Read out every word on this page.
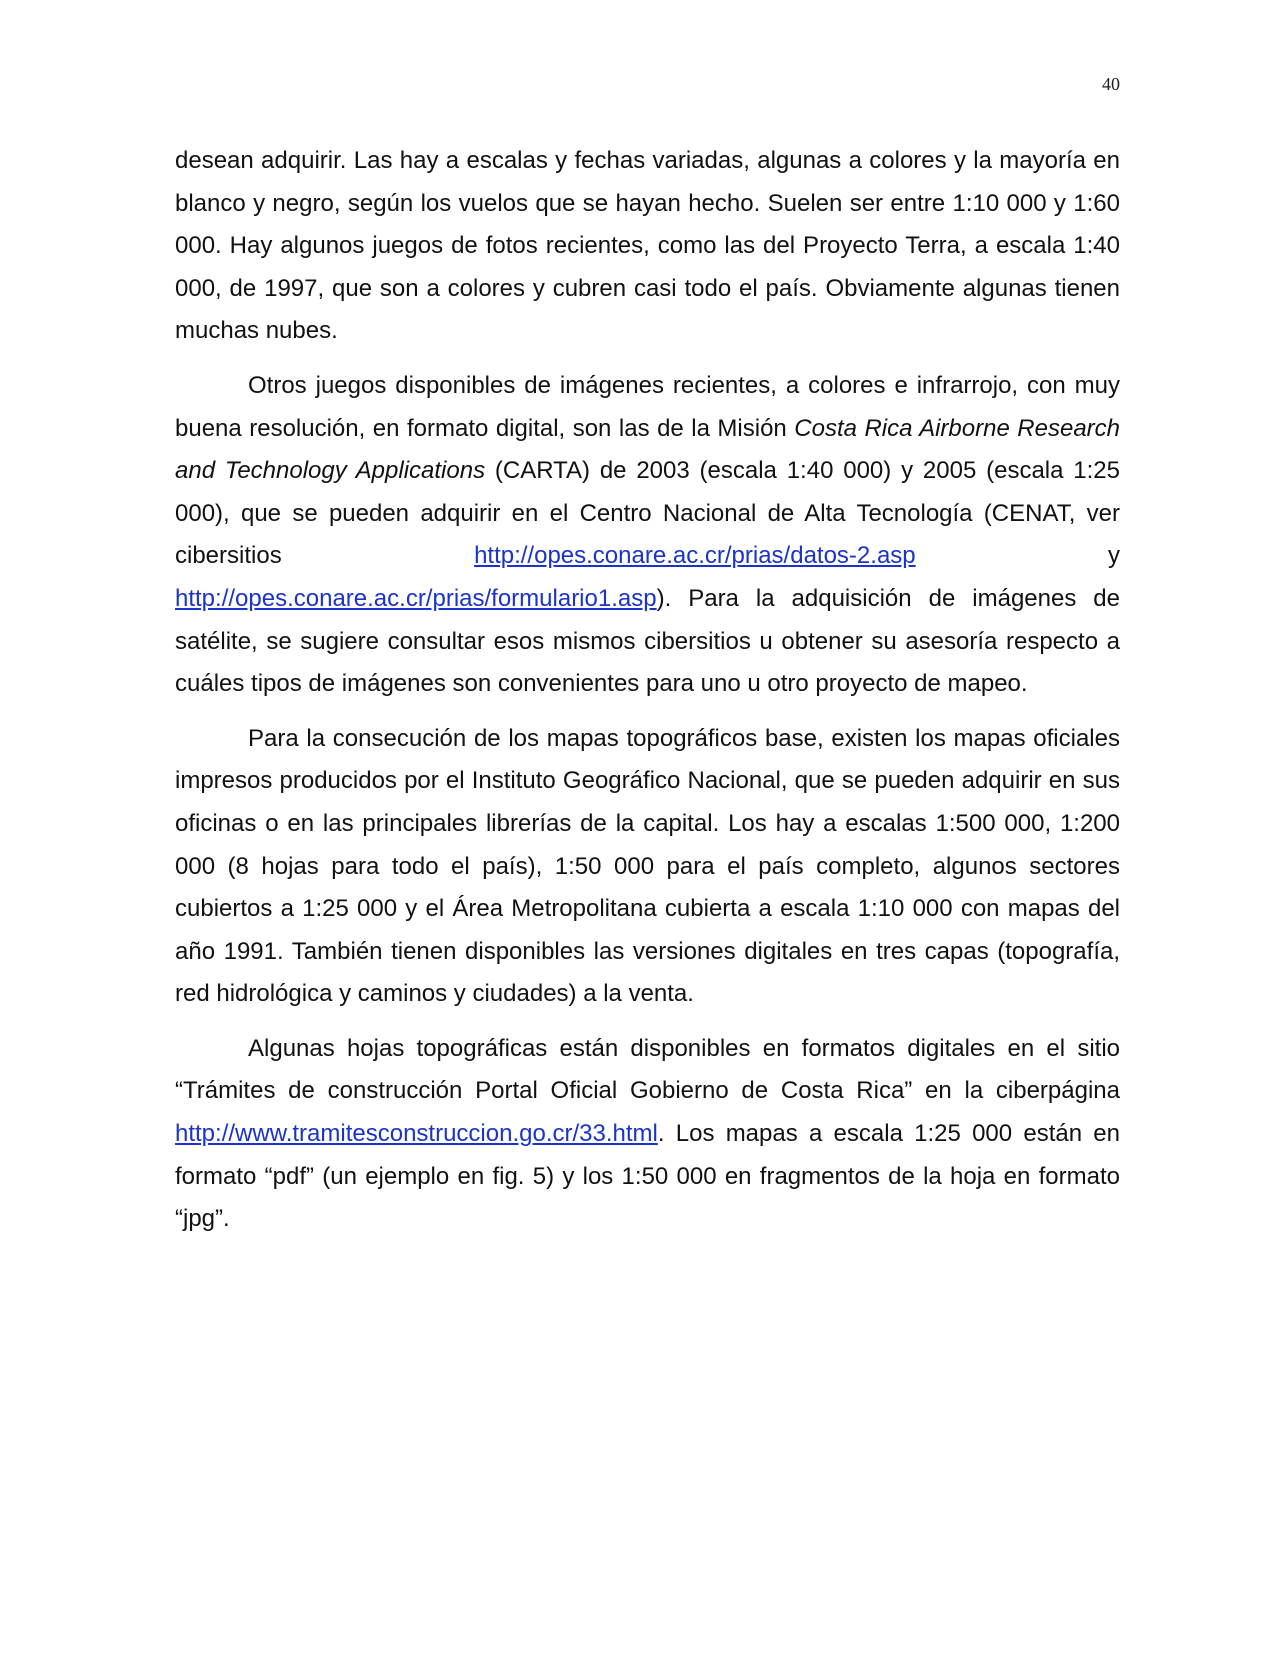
40

desean adquirir. Las hay a escalas y fechas variadas, algunas a colores y la mayoría en blanco y negro, según los vuelos que se hayan hecho. Suelen ser entre 1:10 000 y 1:60 000. Hay algunos juegos de fotos recientes, como las del Proyecto Terra, a escala 1:40 000, de 1997, que son a colores y cubren casi todo el país. Obviamente algunas tienen muchas nubes.

Otros juegos disponibles de imágenes recientes, a colores e infrarrojo, con muy buena resolución, en formato digital, son las de la Misión Costa Rica Airborne Research and Technology Applications (CARTA) de 2003 (escala 1:40 000) y 2005 (escala 1:25 000), que se pueden adquirir en el Centro Nacional de Alta Tecnología (CENAT, ver cibersitios http://opes.conare.ac.cr/prias/datos-2.asp y http://opes.conare.ac.cr/prias/formulario1.asp). Para la adquisición de imágenes de satélite, se sugiere consultar esos mismos cibersitios u obtener su asesoría respecto a cuáles tipos de imágenes son convenientes para uno u otro proyecto de mapeo.

Para la consecución de los mapas topográficos base, existen los mapas oficiales impresos producidos por el Instituto Geográfico Nacional, que se pueden adquirir en sus oficinas o en las principales librerías de la capital. Los hay a escalas 1:500 000, 1:200 000 (8 hojas para todo el país), 1:50 000 para el país completo, algunos sectores cubiertos a 1:25 000 y el Área Metropolitana cubierta a escala 1:10 000 con mapas del año 1991. También tienen disponibles las versiones digitales en tres capas (topografía, red hidrológica y caminos y ciudades) a la venta.

Algunas hojas topográficas están disponibles en formatos digitales en el sitio “Trámites de construcción Portal Oficial Gobierno de Costa Rica” en la ciberpágina http://www.tramitesconstruccion.go.cr/33.html. Los mapas a escala 1:25 000 están en formato “pdf” (un ejemplo en fig. 5) y los 1:50 000 en fragmentos de la hoja en formato “jpg”.
